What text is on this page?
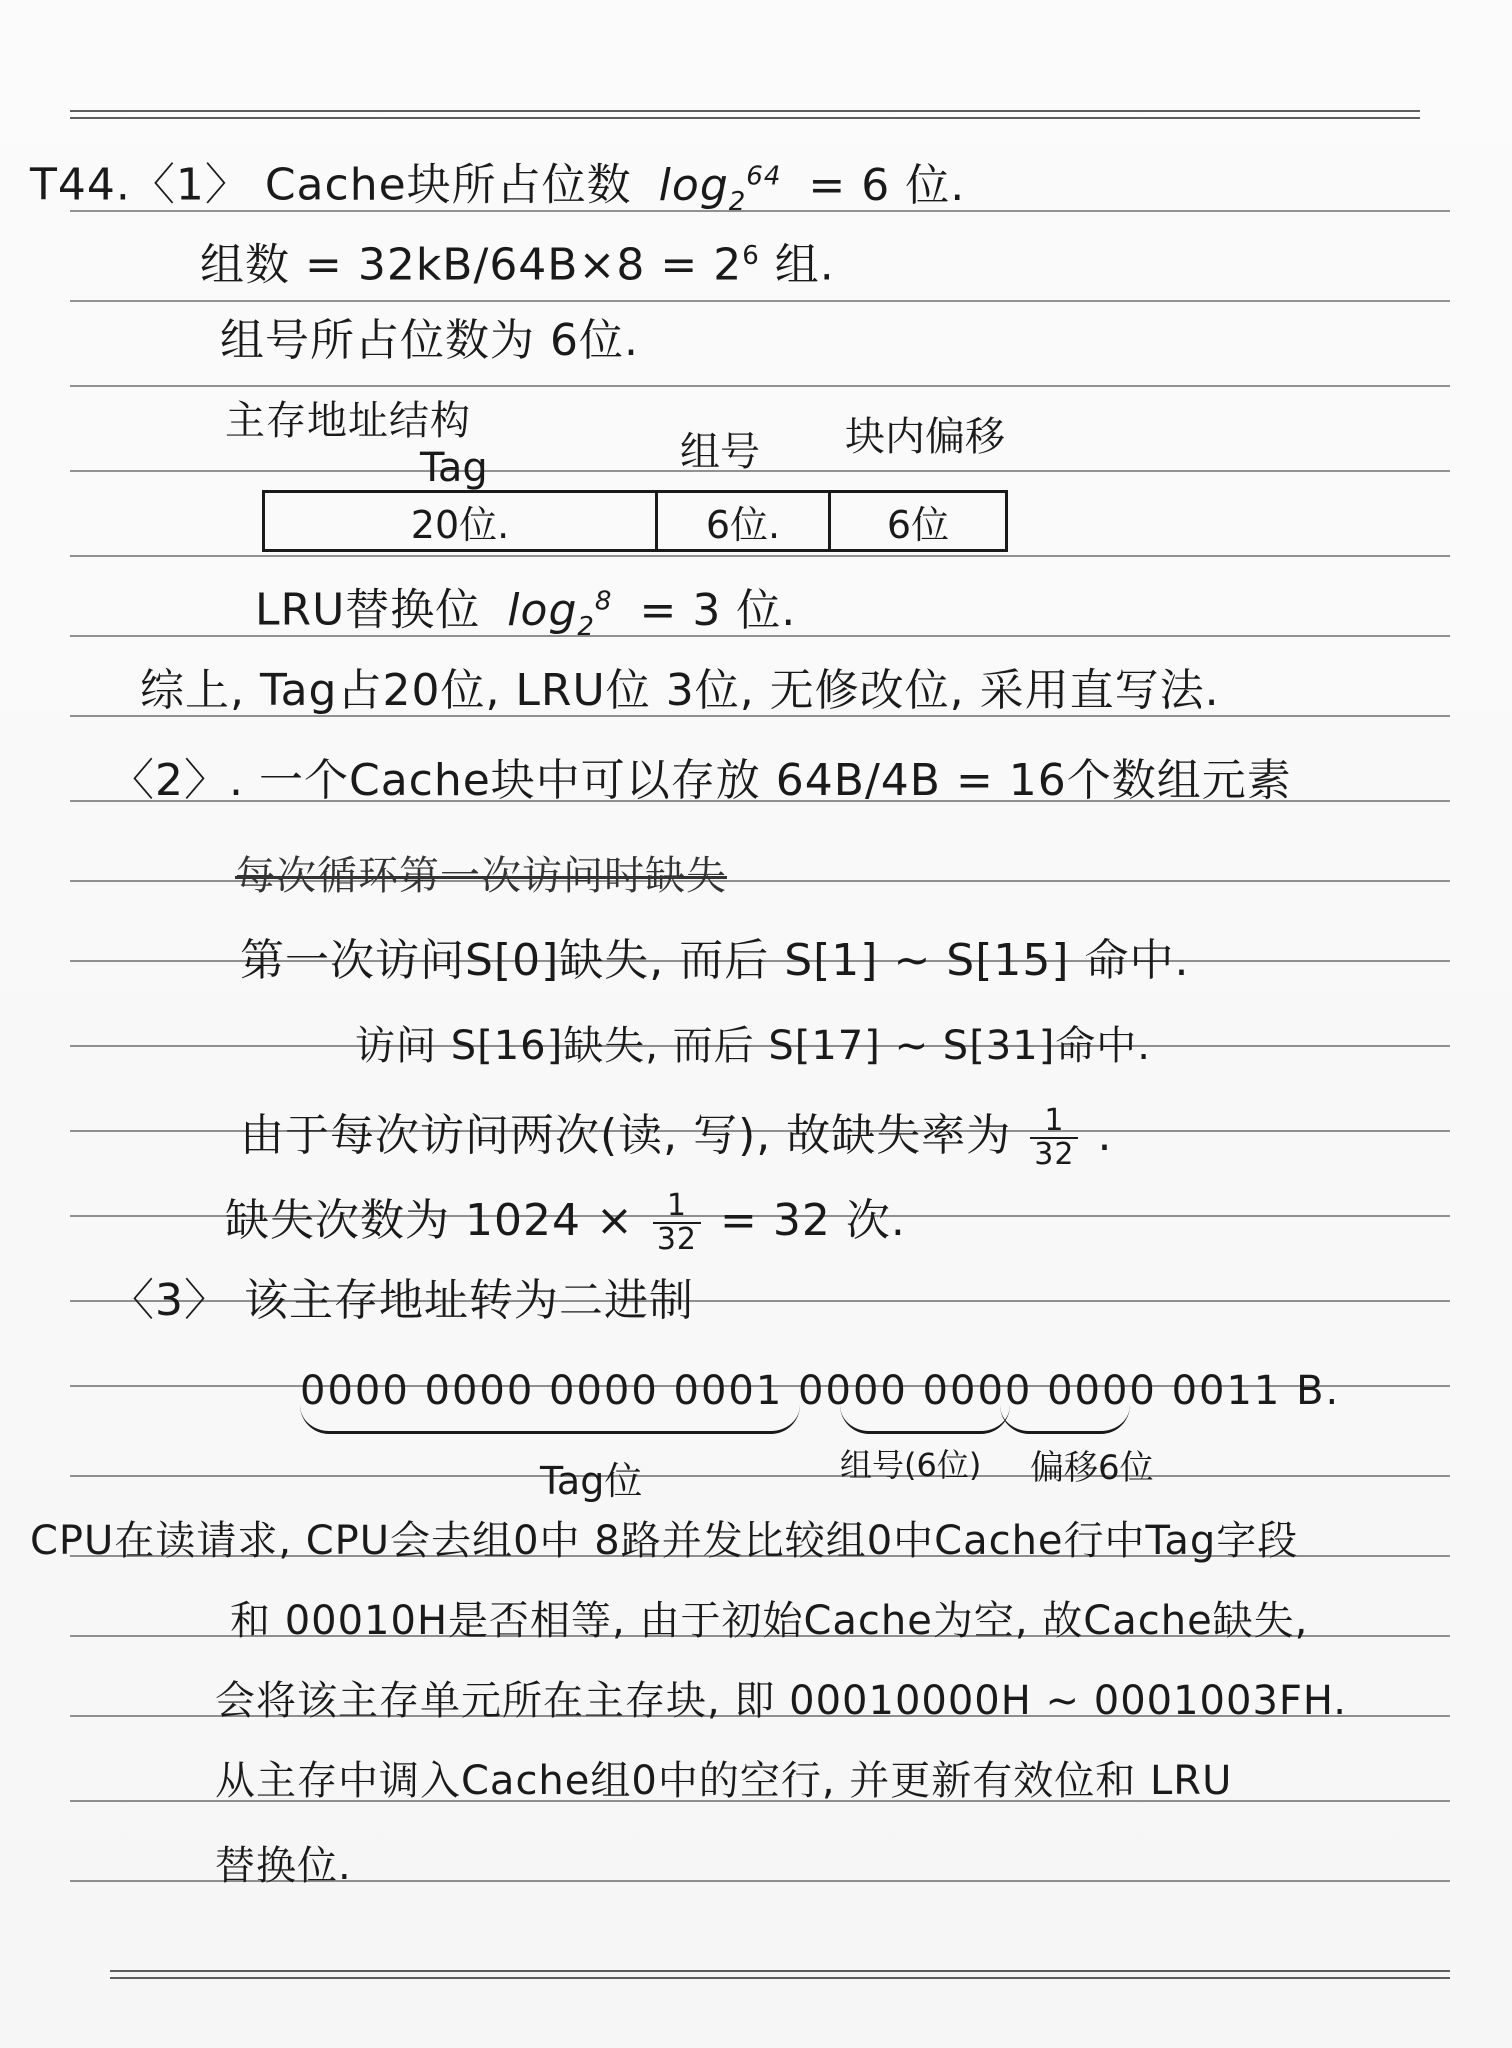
T44.〈1〉 Cache块所占位数 $\log_2^{64} = 6$ 位.
组数 = $32kB/64B\times 8 = 2^6$ 组.
组号所占位数为 6位.
主存地址结构
Tag	组号 块内偏移
20位.	6位.	6位
LRU替换位 $\log_2^8 = 3$ 位.
综上, Tag占20位, LRU位 3位, 无修改位, 采用直写法.
〈2〉. 一个Cache块中可以存放 64B/4B = 16个数组元素
每次循环第一次访问时缺失
第一次访问S[0]缺失, 而后 S[1] ~ S[15] 命中.
访问 S[16]缺失, 而后 S[17] ~ S[31]命中.
由于每次访问两次(读, 写), 故缺失率为 $\frac{1}{32}$ .
缺失次数为 $1024 \times \frac{1}{32} = 32$ 次.
〈3〉 该主存地址转为二进制
0000 0000 0000 0001 0000 0000 0000 0011 B.
Tag位	组号(6位) 偏移6位
CPU在读请求, CPU会去组0中 8路并发比较组0中Cache行中Tag字段
和 00010H是否相等, 由于初始Cache为空, 故Cache缺失,
会将该主存单元所在主存块, 即 00010000H ~ 0001003FH.
从主存中调入Cache组0中的空行, 并更新有效位和 LRU
替换位.
